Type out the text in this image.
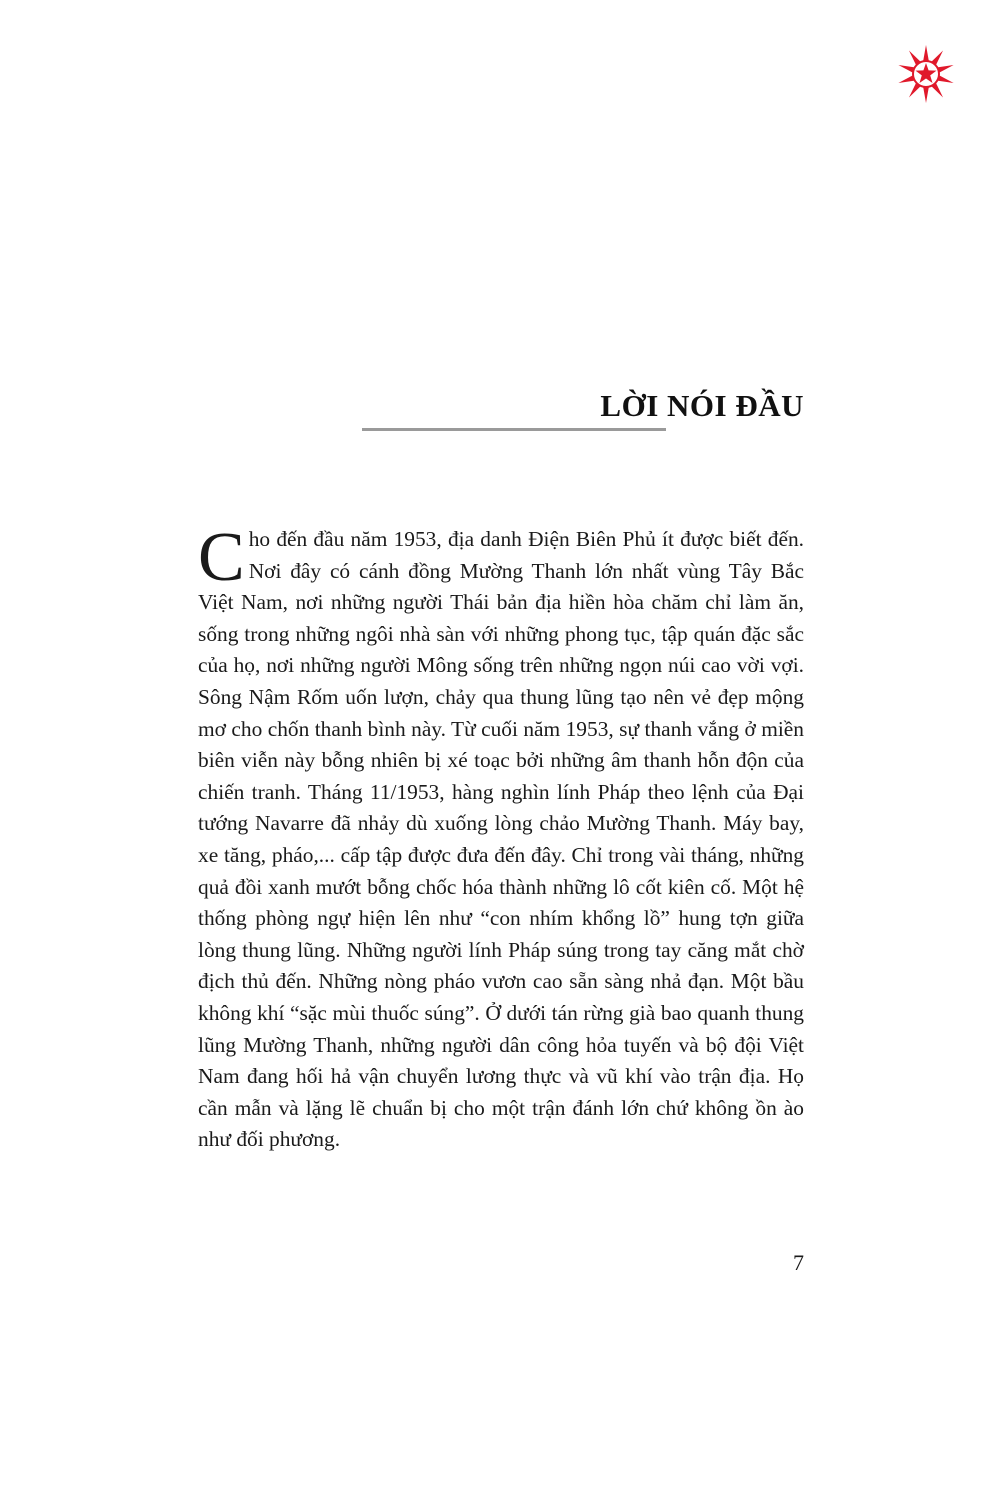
LỜI NÓI ĐẦU

Cho đến đầu năm 1953, địa danh Điện Biên Phủ ít được biết đến. Nơi đây có cánh đồng Mường Thanh lớn nhất vùng Tây Bắc Việt Nam, nơi những người Thái bản địa hiền hòa chăm chỉ làm ăn, sống trong những ngôi nhà sàn với những phong tục, tập quán đặc sắc của họ, nơi những người Mông sống trên những ngọn núi cao vời vợi. Sông Nậm Rốm uốn lượn, chảy qua thung lũng tạo nên vẻ đẹp mộng mơ cho chốn thanh bình này. Từ cuối năm 1953, sự thanh vắng ở miền biên viễn này bỗng nhiên bị xé toạc bởi những âm thanh hỗn độn của chiến tranh. Tháng 11/1953, hàng nghìn lính Pháp theo lệnh của Đại tướng Navarre đã nhảy dù xuống lòng chảo Mường Thanh. Máy bay, xe tăng, pháo,... cấp tập được đưa đến đây. Chỉ trong vài tháng, những quả đồi xanh mướt bỗng chốc hóa thành những lô cốt kiên cố. Một hệ thống phòng ngự hiện lên như “con nhím khổng lồ” hung tợn giữa lòng thung lũng. Những người lính Pháp súng trong tay căng mắt chờ địch thủ đến. Những nòng pháo vươn cao sẵn sàng nhả đạn. Một bầu không khí “sặc mùi thuốc súng”. Ở dưới tán rừng già bao quanh thung lũng Mường Thanh, những người dân công hỏa tuyến và bộ đội Việt Nam đang hối hả vận chuyển lương thực và vũ khí vào trận địa. Họ cần mẫn và lặng lẽ chuẩn bị cho một trận đánh lớn chứ không ồn ào như đối phương.

7
